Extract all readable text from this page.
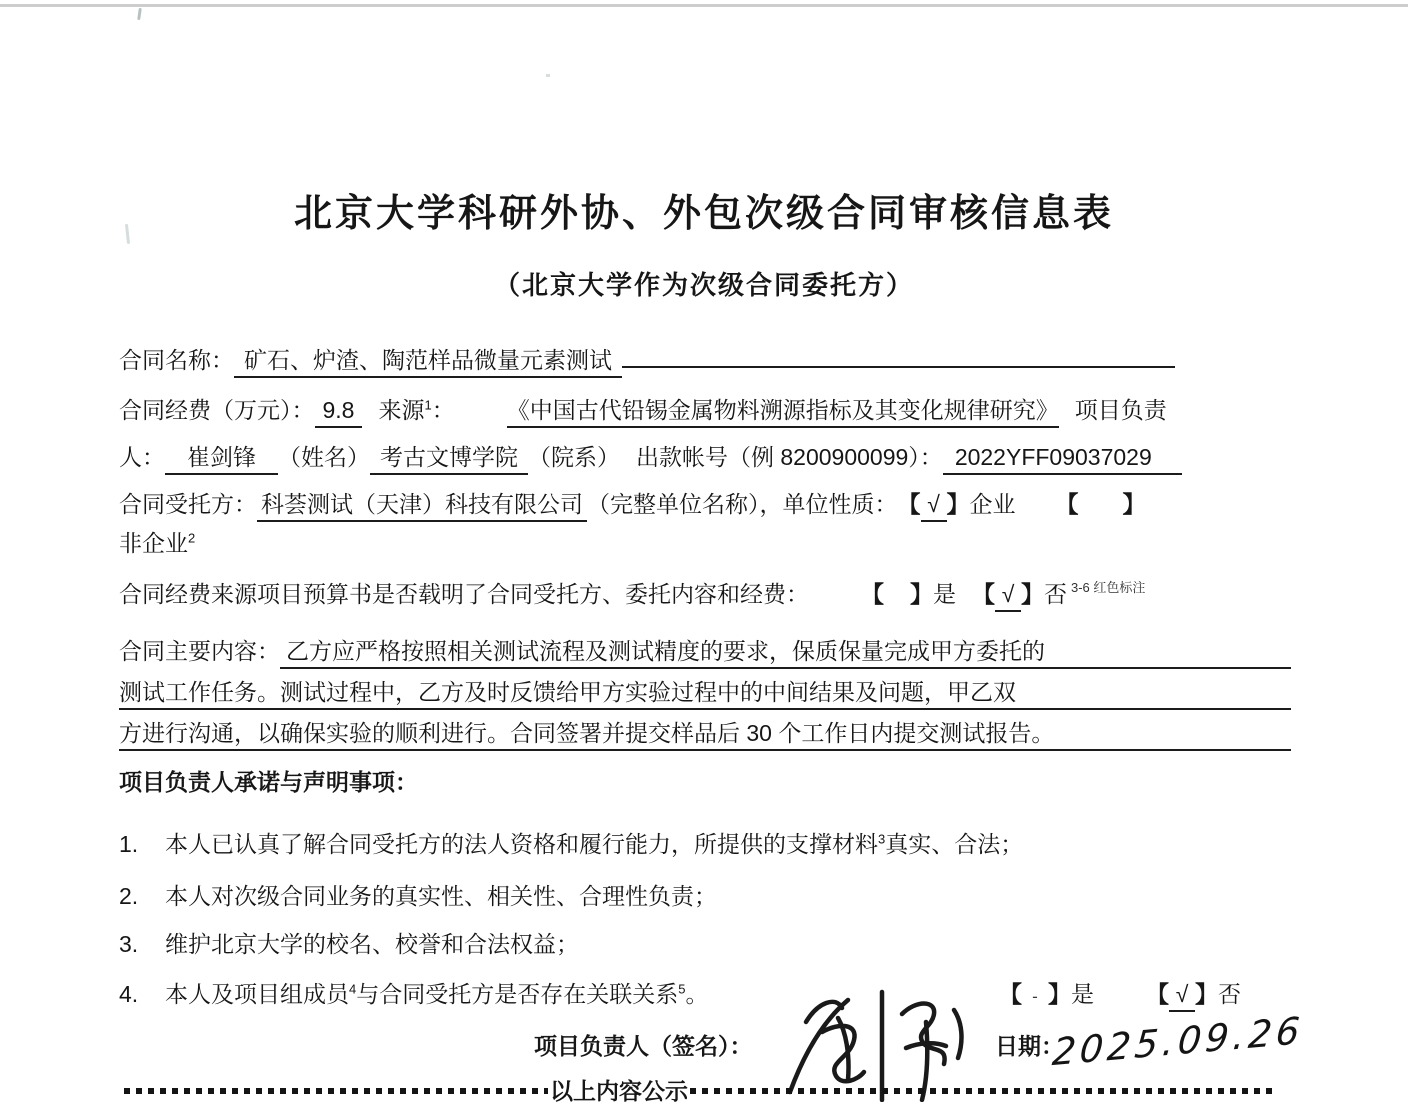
北京大学科研外协、外包次级合同审核信息表
（北京大学作为次级合同委托方）
合同名称： 矿石、炉渣、陶范样品微量元素测试
合同经费（万元）： 9.8	来源$^1$： 《中国古代铅锡金属物料溯源指标及其变化规律研究》 项目负责
人： 崔剑锋 （姓名） 考古文博学院 （院系） 出款帐号（例 8200900099）： 2022YFF09037029
合同受托方： 科荟测试（天津）科技有限公司 （完整单位名称），单位性质： 【 √ 】 企业 【 】
非企业$^2$
合同经费来源项目预算书是否载明了合同受托方、委托内容和经费： 【 】 是 【 √ 】 否 3-6 红色标注
合同主要内容： 乙方应严格按照相关测试流程及测试精度的要求，保质保量完成甲方委托的
测试工作任务。测试过程中，乙方及时反馈给甲方实验过程中的中间结果及问题，甲乙双
方进行沟通，以确保实验的顺利进行。合同签署并提交样品后 30 个工作日内提交测试报告。
项目负责人承诺与声明事项：
1.	本人已认真了解合同受托方的法人资格和履行能力，所提供的支撑材料$^3$真实、合法；
2.	本人对次级合同业务的真实性、相关性、合理性负责；
3.	维护北京大学的校名、校誉和合法权益；
4.	本人及项目组成员$^4$与合同受托方是否存在关联关系$^5$。	【 - 】 是 【 √ 】 否
项目负责人（签名）：	日期：
2025.09.26
以上内容公示
